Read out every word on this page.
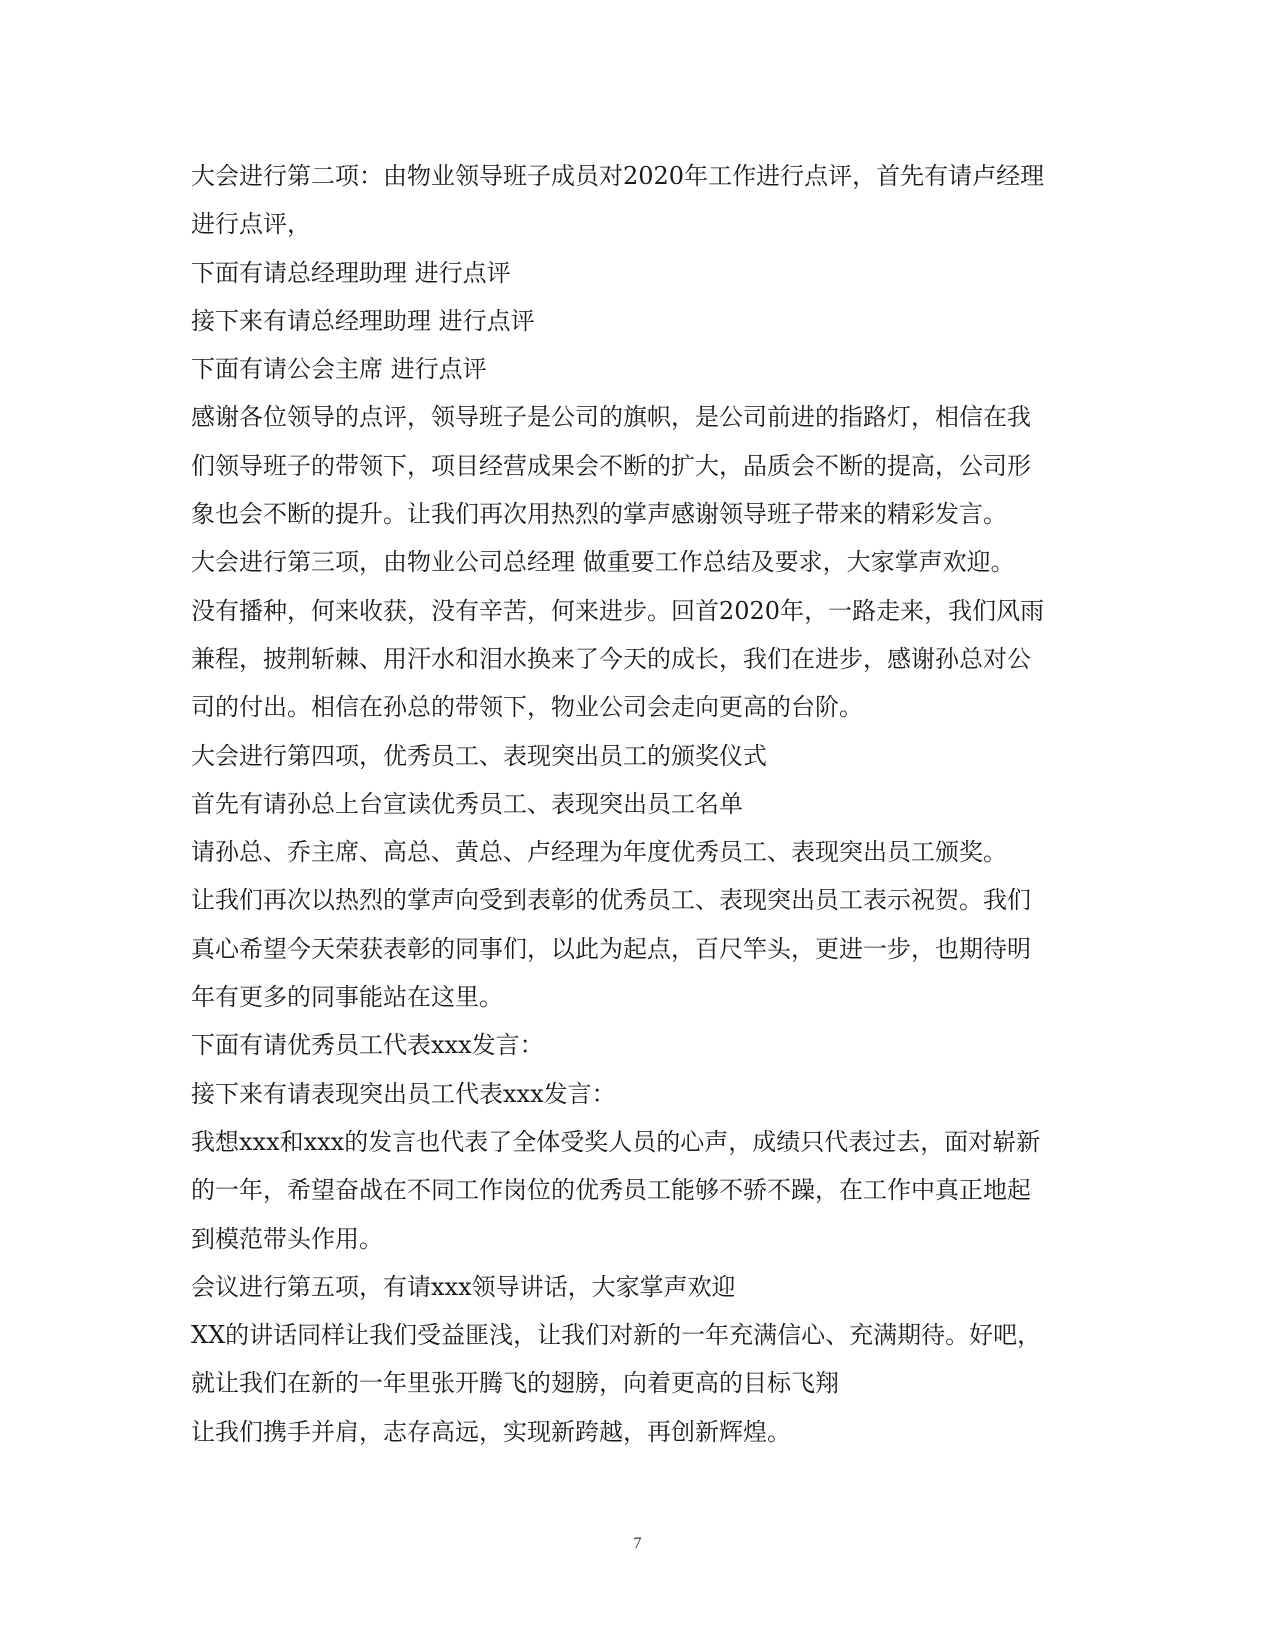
大会进行第二项：由物业领导班子成员对2020年工作进行点评，首先有请卢经理
进行点评，
下面有请总经理助理 进行点评
接下来有请总经理助理 进行点评
下面有请公会主席 进行点评
感谢各位领导的点评，领导班子是公司的旗帜，是公司前进的指路灯，相信在我
们领导班子的带领下，项目经营成果会不断的扩大，品质会不断的提高，公司形
象也会不断的提升。让我们再次用热烈的掌声感谢领导班子带来的精彩发言。
大会进行第三项，由物业公司总经理 做重要工作总结及要求，大家掌声欢迎。
没有播种，何来收获，没有辛苦，何来进步。回首2020年，一路走来，我们风雨
兼程，披荆斩棘、用汗水和泪水换来了今天的成长，我们在进步，感谢孙总对公
司的付出。相信在孙总的带领下，物业公司会走向更高的台阶。
大会进行第四项，优秀员工、表现突出员工的颁奖仪式
首先有请孙总上台宣读优秀员工、表现突出员工名单
请孙总、乔主席、高总、黄总、卢经理为年度优秀员工、表现突出员工颁奖。
让我们再次以热烈的掌声向受到表彰的优秀员工、表现突出员工表示祝贺。我们
真心希望今天荣获表彰的同事们，以此为起点，百尺竿头，更进一步，也期待明
年有更多的同事能站在这里。
下面有请优秀员工代表xxx发言：
接下来有请表现突出员工代表xxx发言：
我想xxx和xxx的发言也代表了全体受奖人员的心声，成绩只代表过去，面对崭新
的一年，希望奋战在不同工作岗位的优秀员工能够不骄不躁，在工作中真正地起
到模范带头作用。
会议进行第五项，有请xxx领导讲话，大家掌声欢迎
XX的讲话同样让我们受益匪浅，让我们对新的一年充满信心、充满期待。好吧，
就让我们在新的一年里张开腾飞的翅膀，向着更高的目标飞翔
让我们携手并肩，志存高远，实现新跨越，再创新辉煌。
7
